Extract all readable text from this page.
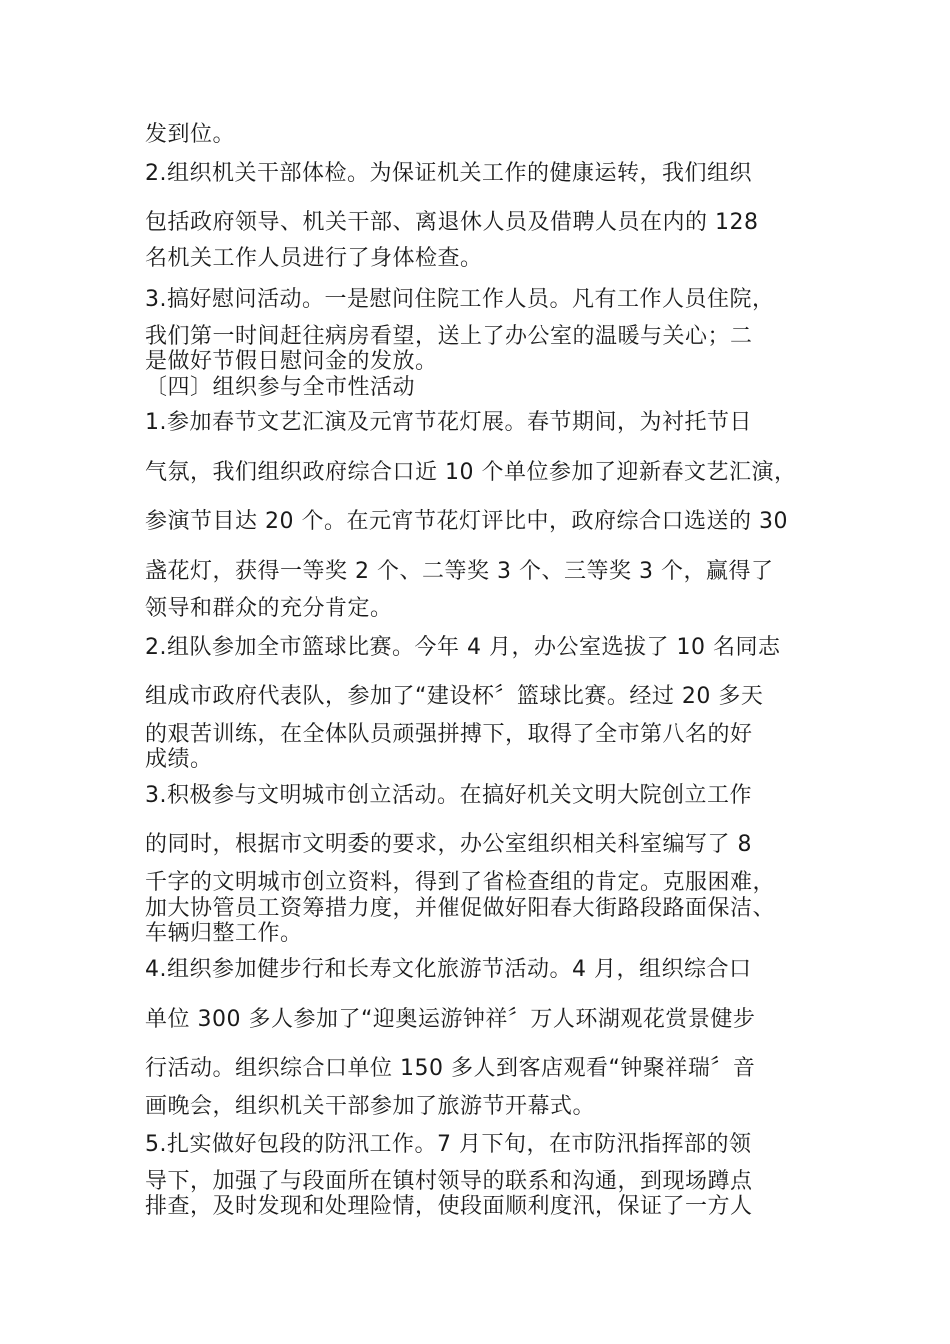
发到位。
2.组织机关干部体检。为保证机关工作的健康运转，我们组织
包括政府领导、机关干部、离退休人员及借聘人员在内的 128
名机关工作人员进行了身体检查。
3.搞好慰问活动。一是慰问住院工作人员。凡有工作人员住院，
我们第一时间赶往病房看望，送上了办公室的温暖与关心；二
是做好节假日慰问金的发放。
〔四〕组织参与全市性活动
1.参加春节文艺汇演及元宵节花灯展。春节期间，为衬托节日
气氛，我们组织政府综合口近 10 个单位参加了迎新春文艺汇演，
参演节目达 20 个。在元宵节花灯评比中，政府综合口选送的 30
盏花灯，获得一等奖 2 个、二等奖 3 个、三等奖 3 个，赢得了
领导和群众的充分肯定。
2.组队参加全市篮球比赛。今年 4 月，办公室选拔了 10 名同志
组成市政府代表队，参加了“建设杯〞篮球比赛。经过 20 多天
的艰苦训练，在全体队员顽强拼搏下，取得了全市第八名的好
成绩。
3.积极参与文明城市创立活动。在搞好机关文明大院创立工作
的同时，根据市文明委的要求，办公室组织相关科室编写了 8
千字的文明城市创立资料，得到了省检查组的肯定。克服困难，
加大协管员工资筹措力度，并催促做好阳春大街路段路面保洁、
车辆归整工作。
4.组织参加健步行和长寿文化旅游节活动。4 月，组织综合口
单位 300 多人参加了“迎奥运游钟祥〞万人环湖观花赏景健步
行活动。组织综合口单位 150 多人到客店观看“钟聚祥瑞〞音
画晚会，组织机关干部参加了旅游节开幕式。
5.扎实做好包段的防汛工作。7 月下旬，在市防汛指挥部的领
导下，加强了与段面所在镇村领导的联系和沟通，到现场蹲点
排查，及时发现和处理险情，使段面顺利度汛，保证了一方人
